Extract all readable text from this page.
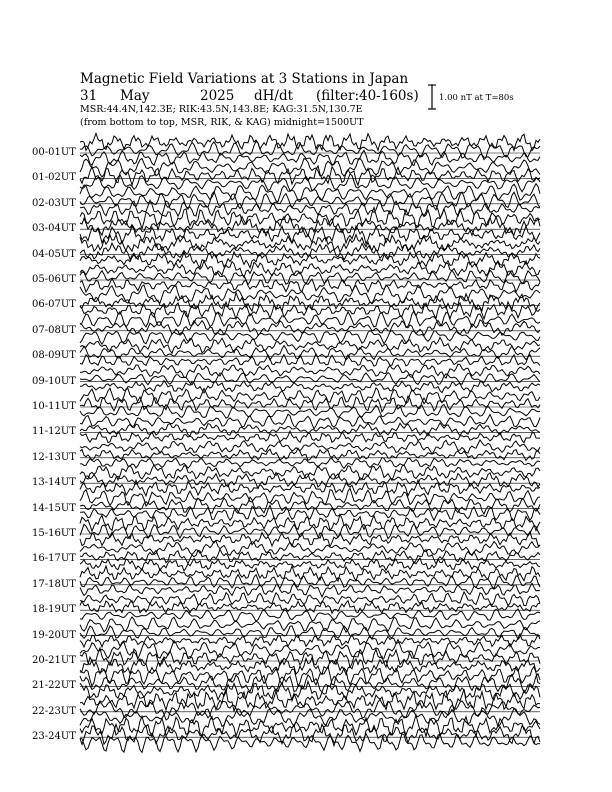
Magnetic Field Variations at 3 Stations in Japan
31 May	2025 dH/dt (filter:40-160s)
MSR:44.4N,142.3E; RIK:43.5N,143.8E; KAG:31.5N,130.7E
(from bottom to top, MSR, RIK, & KAG) midnight=1500UT
1.00 nT at T=80s
00-01UT
01-02UT
02-03UT
03-04UT
04-05UT
05-06UT
06-07UT
07-08UT
08-09UT
09-10UT
10-11UT
11-12UT
12-13UT
13-14UT
14-15UT
15-16UT
16-17UT
17-18UT
18-19UT
19-20UT
20-21UT
21-22UT
22-23UT
23-24UT
